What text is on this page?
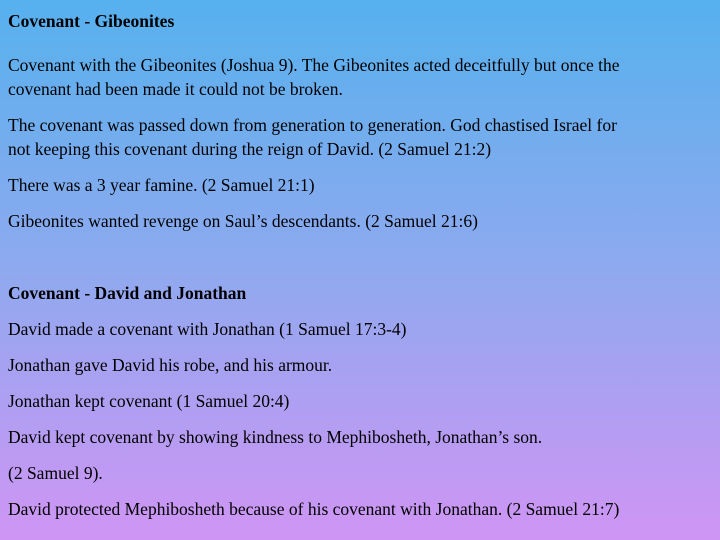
Covenant - Gibeonites
Covenant with the Gibeonites (Joshua 9). The Gibeonites acted deceitfully but once the
covenant had been made it could not be broken.
The covenant was passed down from generation to generation. God chastised Israel for
not keeping this covenant during the reign of David. (2 Samuel 21:2)
There was a 3 year famine. (2 Samuel 21:1)
Gibeonites wanted revenge on Saul’s descendants. (2 Samuel 21:6)
Covenant - David and Jonathan
David made a covenant with Jonathan (1 Samuel 17:3-4)
Jonathan gave David his robe, and his armour.
Jonathan kept covenant (1 Samuel 20:4)
David kept covenant by showing kindness to Mephibosheth, Jonathan’s son.
(2 Samuel 9).
David protected Mephibosheth because of his covenant with Jonathan. (2 Samuel 21:7)
